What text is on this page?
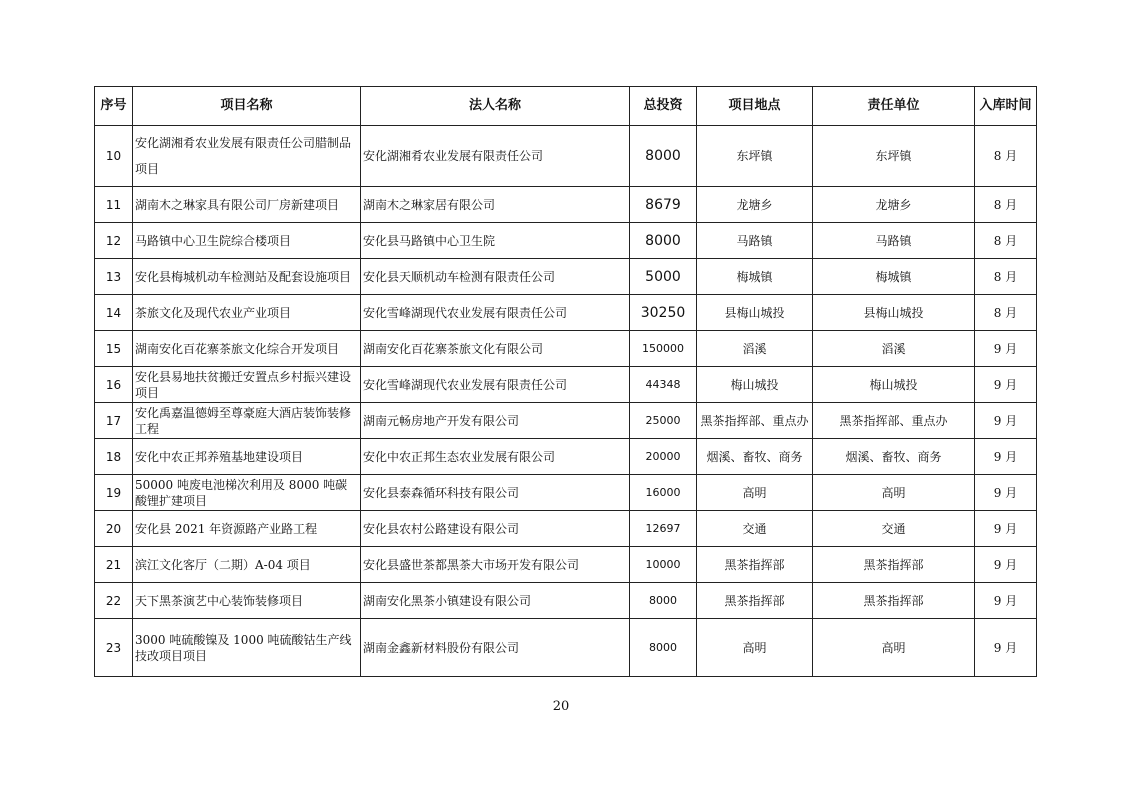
序号	项目名称	法人名称	总投资	项目地点	责任单位	入库时间
10	安化湖湘肴农业发展有限责任公司腊制品项目	安化湖湘肴农业发展有限责任公司	8000	东坪镇	东坪镇	8 月
11	湖南木之琳家具有限公司厂房新建项目	湖南木之琳家居有限公司	8679	龙塘乡	龙塘乡	8 月
12	马路镇中心卫生院综合楼项目	安化县马路镇中心卫生院	8000	马路镇	马路镇	8 月
13	安化县梅城机动车检测站及配套设施项目	安化县天顺机动车检测有限责任公司	5000	梅城镇	梅城镇	8 月
14	茶旅文化及现代农业产业项目	安化雪峰湖现代农业发展有限责任公司	30250	县梅山城投	县梅山城投	8 月
15	湖南安化百花寨茶旅文化综合开发项目	湖南安化百花寨茶旅文化有限公司	150000	滔溪	滔溪	9 月
16	安化县易地扶贫搬迁安置点乡村振兴建设项目	安化雪峰湖现代农业发展有限责任公司	44348	梅山城投	梅山城投	9 月
17	安化禹嘉温德姆至尊豪庭大酒店装饰装修工程	湖南元畅房地产开发有限公司	25000	黑茶指挥部、重点办	黑茶指挥部、重点办	9 月
18	安化中农正邦养殖基地建设项目	安化中农正邦生态农业发展有限公司	20000	烟溪、畜牧、商务	烟溪、畜牧、商务	9 月
19	50000 吨废电池梯次利用及 8000 吨碳酸锂扩建项目	安化县泰森循环科技有限公司	16000	高明	高明	9 月
20	安化县 2021 年资源路产业路工程	安化县农村公路建设有限公司	12697	交通	交通	9 月
21	滨江文化客厅（二期）A-04 项目	安化县盛世茶都黑茶大市场开发有限公司	10000	黑茶指挥部	黑茶指挥部	9 月
22	天下黑茶演艺中心装饰装修项目	湖南安化黑茶小镇建设有限公司	8000	黑茶指挥部	黑茶指挥部	9 月
23	3000 吨硫酸镍及 1000 吨硫酸钴生产线技改项目项目	湖南金鑫新材料股份有限公司	8000	高明	高明	9 月
20
